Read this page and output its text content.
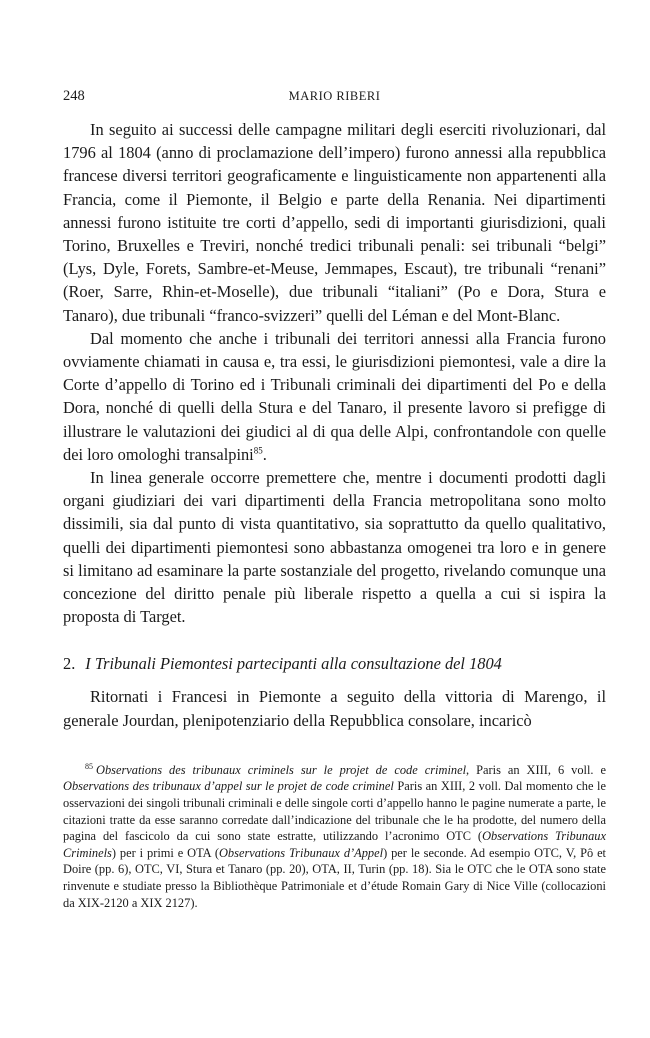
248	MARIO RIBERI

In seguito ai successi delle campagne militari degli eserciti rivoluzionari, dal 1796 al 1804 (anno di proclamazione dell’impero) furono annessi alla repubblica francese diversi territori geograficamente e linguisticamente non appartenenti alla Francia, come il Piemonte, il Belgio e parte della Renania. Nei dipartimenti annessi furono istituite tre corti d’appello, sedi di importanti giurisdizioni, quali Torino, Bruxelles e Treviri, nonché tredici tribunali penali: sei tribunali “belgi” (Lys, Dyle, Forets, Sambre-et-Meuse, Jemmapes, Escaut), tre tribunali “renani” (Roer, Sarre, Rhin-et-Moselle), due tribunali “italiani” (Po e Dora, Stura e Tanaro), due tribunali “franco-svizzeri” quelli del Léman e del Mont-Blanc.

Dal momento che anche i tribunali dei territori annessi alla Francia furono ovviamente chiamati in causa e, tra essi, le giurisdizioni piemontesi, vale a dire la Corte d’appello di Torino ed i Tribunali criminali dei dipartimenti del Po e della Dora, nonché di quelli della Stura e del Tanaro, il presente lavoro si prefigge di illustrare le valutazioni dei giudici al di qua delle Alpi, confrontandole con quelle dei loro omologhi transalpini$^{85}$.

In linea generale occorre premettere che, mentre i documenti prodotti dagli organi giudiziari dei vari dipartimenti della Francia metropolitana sono molto dissimili, sia dal punto di vista quantitativo, sia soprattutto da quello qualitativo, quelli dei dipartimenti piemontesi sono abbastanza omogenei tra loro e in genere si limitano ad esaminare la parte sostanziale del progetto, rivelando comunque una concezione del diritto penale più liberale rispetto a quella a cui si ispira la proposta di Target.

2. I Tribunali Piemontesi partecipanti alla consultazione del 1804

Ritornati i Francesi in Piemonte a seguito della vittoria di Marengo, il generale Jourdan, plenipotenziario della Repubblica consolare, incaricò

$^{85}$ Observations des tribunaux criminels sur le projet de code criminel, Paris an XIII, 6 voll. e Observations des tribunaux d’appel sur le projet de code criminel Paris an XIII, 2 voll. Dal momento che le osservazioni dei singoli tribunali criminali e delle singole corti d’appello hanno le pagine numerate a parte, le citazioni tratte da esse saranno corredate dall’indicazione del tribunale che le ha prodotte, del numero della pagina del fascicolo da cui sono state estratte, utilizzando l’acronimo OTC (Observations Tribunaux Criminels) per i primi e OTA (Observations Tribunaux d’Appel) per le seconde. Ad esempio OTC, V, Pô et Doire (pp. 6), OTC, VI, Stura et Tanaro (pp. 20), OTA, II, Turin (pp. 18). Sia le OTC che le OTA sono state rinvenute e studiate presso la Bibliothèque Patrimoniale et d’étude Romain Gary di Nice Ville (collocazioni da XIX-2120 a XIX 2127).
